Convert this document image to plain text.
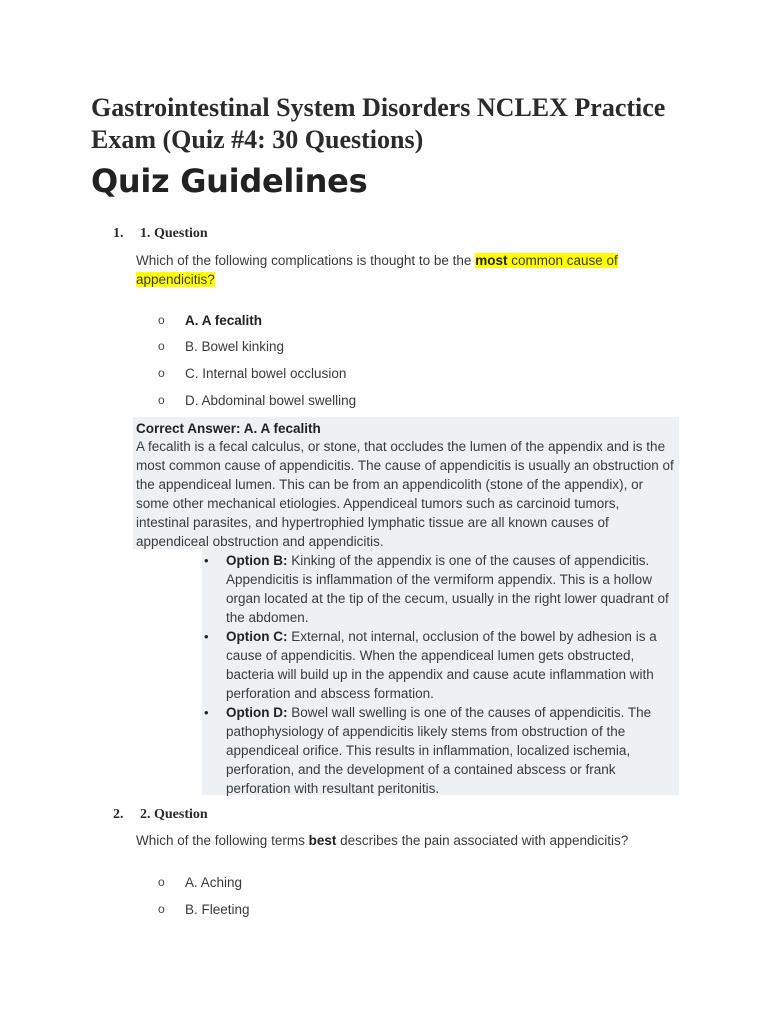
Gastrointestinal System Disorders NCLEX Practice Exam (Quiz #4: 30 Questions)
Quiz Guidelines
1. 1. Question

Which of the following complications is thought to be the most common cause of appendicitis?

o A. A fecalith
o B. Bowel kinking
o C. Internal bowel occlusion
o D. Abdominal bowel swelling
Correct Answer: A. A fecalith

A fecalith is a fecal calculus, or stone, that occludes the lumen of the appendix and is the most common cause of appendicitis. The cause of appendicitis is usually an obstruction of the appendiceal lumen. This can be from an appendicolith (stone of the appendix), or some other mechanical etiologies. Appendiceal tumors such as carcinoid tumors, intestinal parasites, and hypertrophied lymphatic tissue are all known causes of appendiceal obstruction and appendicitis.

• Option B: Kinking of the appendix is one of the causes of appendicitis. Appendicitis is inflammation of the vermiform appendix. This is a hollow organ located at the tip of the cecum, usually in the right lower quadrant of the abdomen.
• Option C: External, not internal, occlusion of the bowel by adhesion is a cause of appendicitis. When the appendiceal lumen gets obstructed, bacteria will build up in the appendix and cause acute inflammation with perforation and abscess formation.
• Option D: Bowel wall swelling is one of the causes of appendicitis. The pathophysiology of appendicitis likely stems from obstruction of the appendiceal orifice. This results in inflammation, localized ischemia, perforation, and the development of a contained abscess or frank perforation with resultant peritonitis.
2. 2. Question

Which of the following terms best describes the pain associated with appendicitis?

o A. Aching
o B. Fleeting
